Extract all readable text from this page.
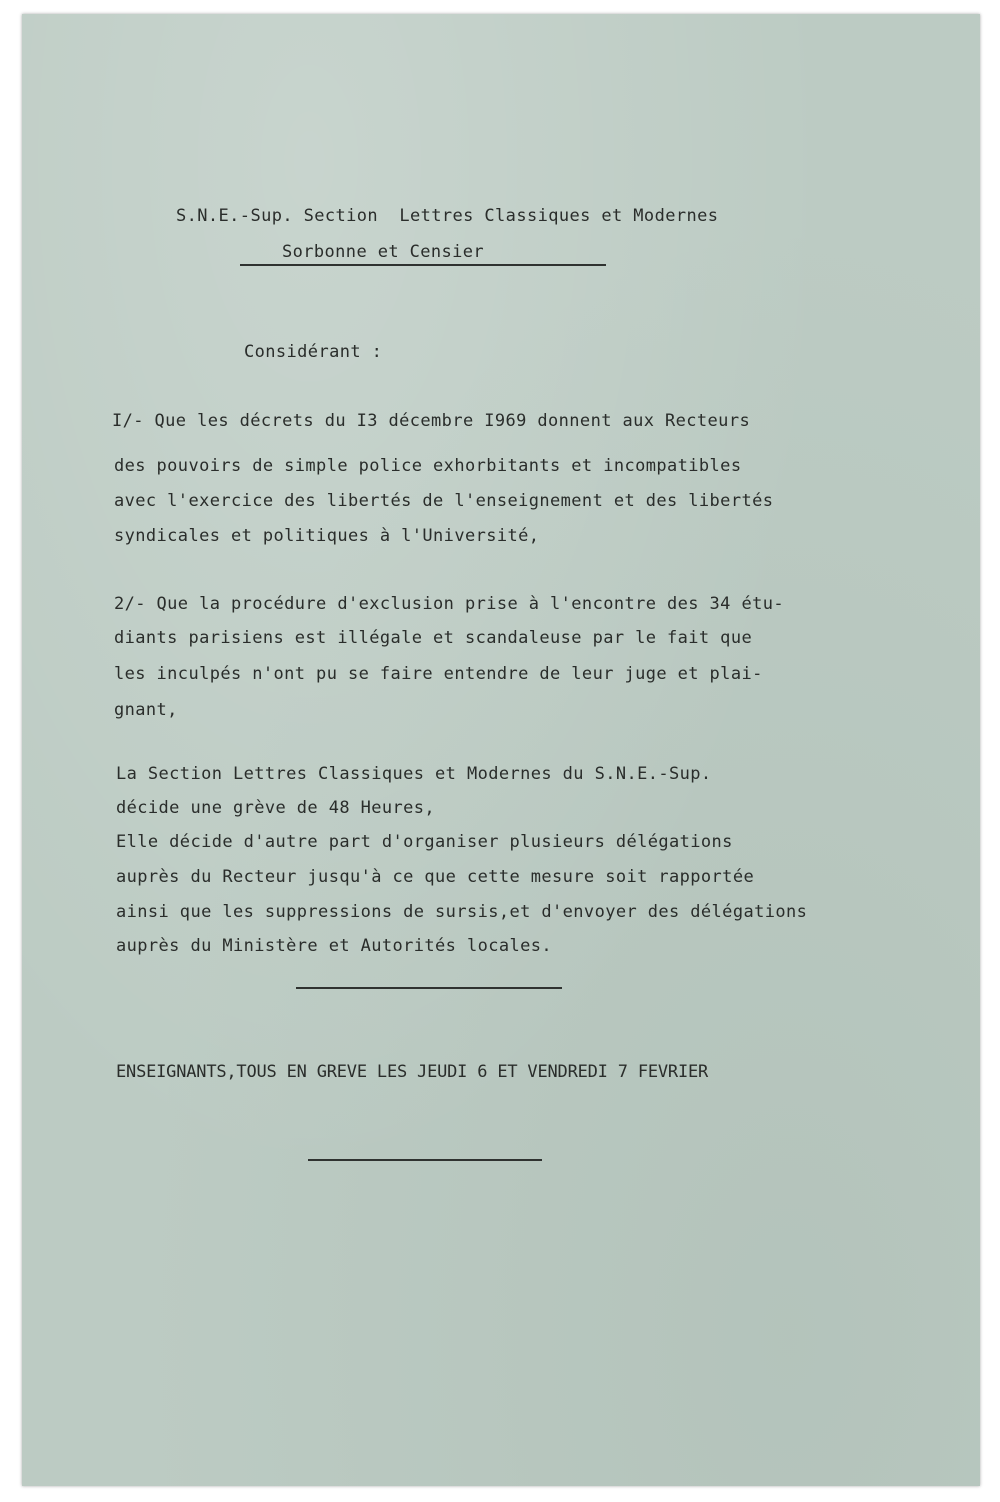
S.N.E.-Sup. Section  Lettres Classiques et Modernes
Sorbonne et Censier
Considérant :
I/- Que les décrets du I3 décembre I969 donnent aux Recteurs
des pouvoirs de simple police exhorbitants et incompatibles
avec l'exercice des libertés de l'enseignement et des libertés
syndicales et politiques à l'Université,
2/- Que la procédure d'exclusion prise à l'encontre des 34 étu-
diants parisiens est illégale et scandaleuse par le fait que
les inculpés n'ont pu se faire entendre de leur juge et plai-
gnant,
La Section Lettres Classiques et Modernes du S.N.E.-Sup.
décide une grève de 48 Heures,
Elle décide d'autre part d'organiser plusieurs délégations
auprès du Recteur jusqu'à ce que cette mesure soit rapportée
ainsi que les suppressions de sursis,et d'envoyer des délégations
auprès du Ministère et Autorités locales.
ENSEIGNANTS,TOUS EN GREVE LES JEUDI 6 ET VENDREDI 7 FEVRIER
